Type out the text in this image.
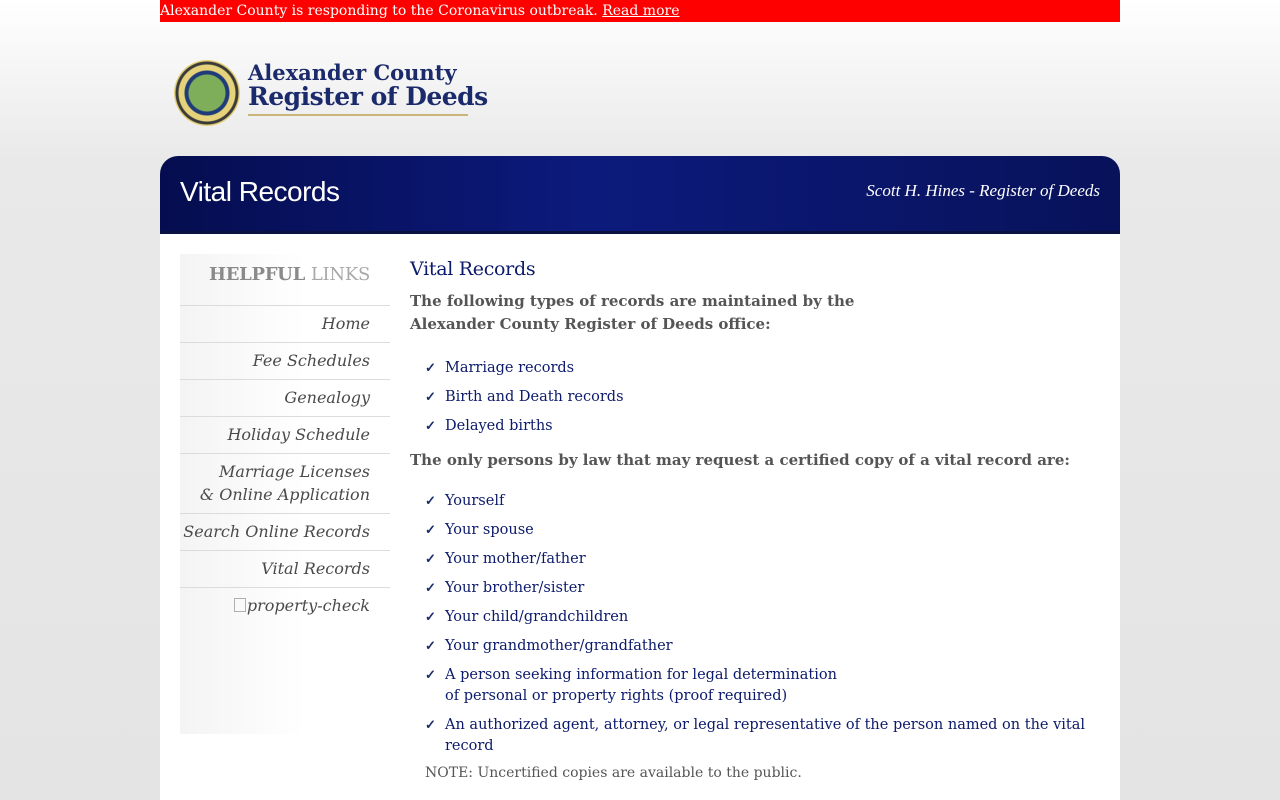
Alexander County is responding to the Coronavirus outbreak. Read more
Alexander County
Register of Deeds
Vital Records	Scott H. Hines - Register of Deeds
HELPFUL LINKS
Home
Fee Schedules
Genealogy
Holiday Schedule
Marriage Licenses
& Online Application
Search Online Records
Vital Records
property-check
Vital Records

The following types of records are maintained by the
Alexander County Register of Deeds office:

✓ Marriage records
✓ Birth and Death records
✓ Delayed births

The only persons by law that may request a certified copy of a vital record are:

✓ Yourself
✓ Your spouse
✓ Your mother/father
✓ Your brother/sister
✓ Your child/grandchildren
✓ Your grandmother/grandfather
✓ A person seeking information for legal determination
of personal or property rights (proof required)
✓ An authorized agent, attorney, or legal representative of the person named on the vital record

NOTE: Uncertified copies are available to the public.
